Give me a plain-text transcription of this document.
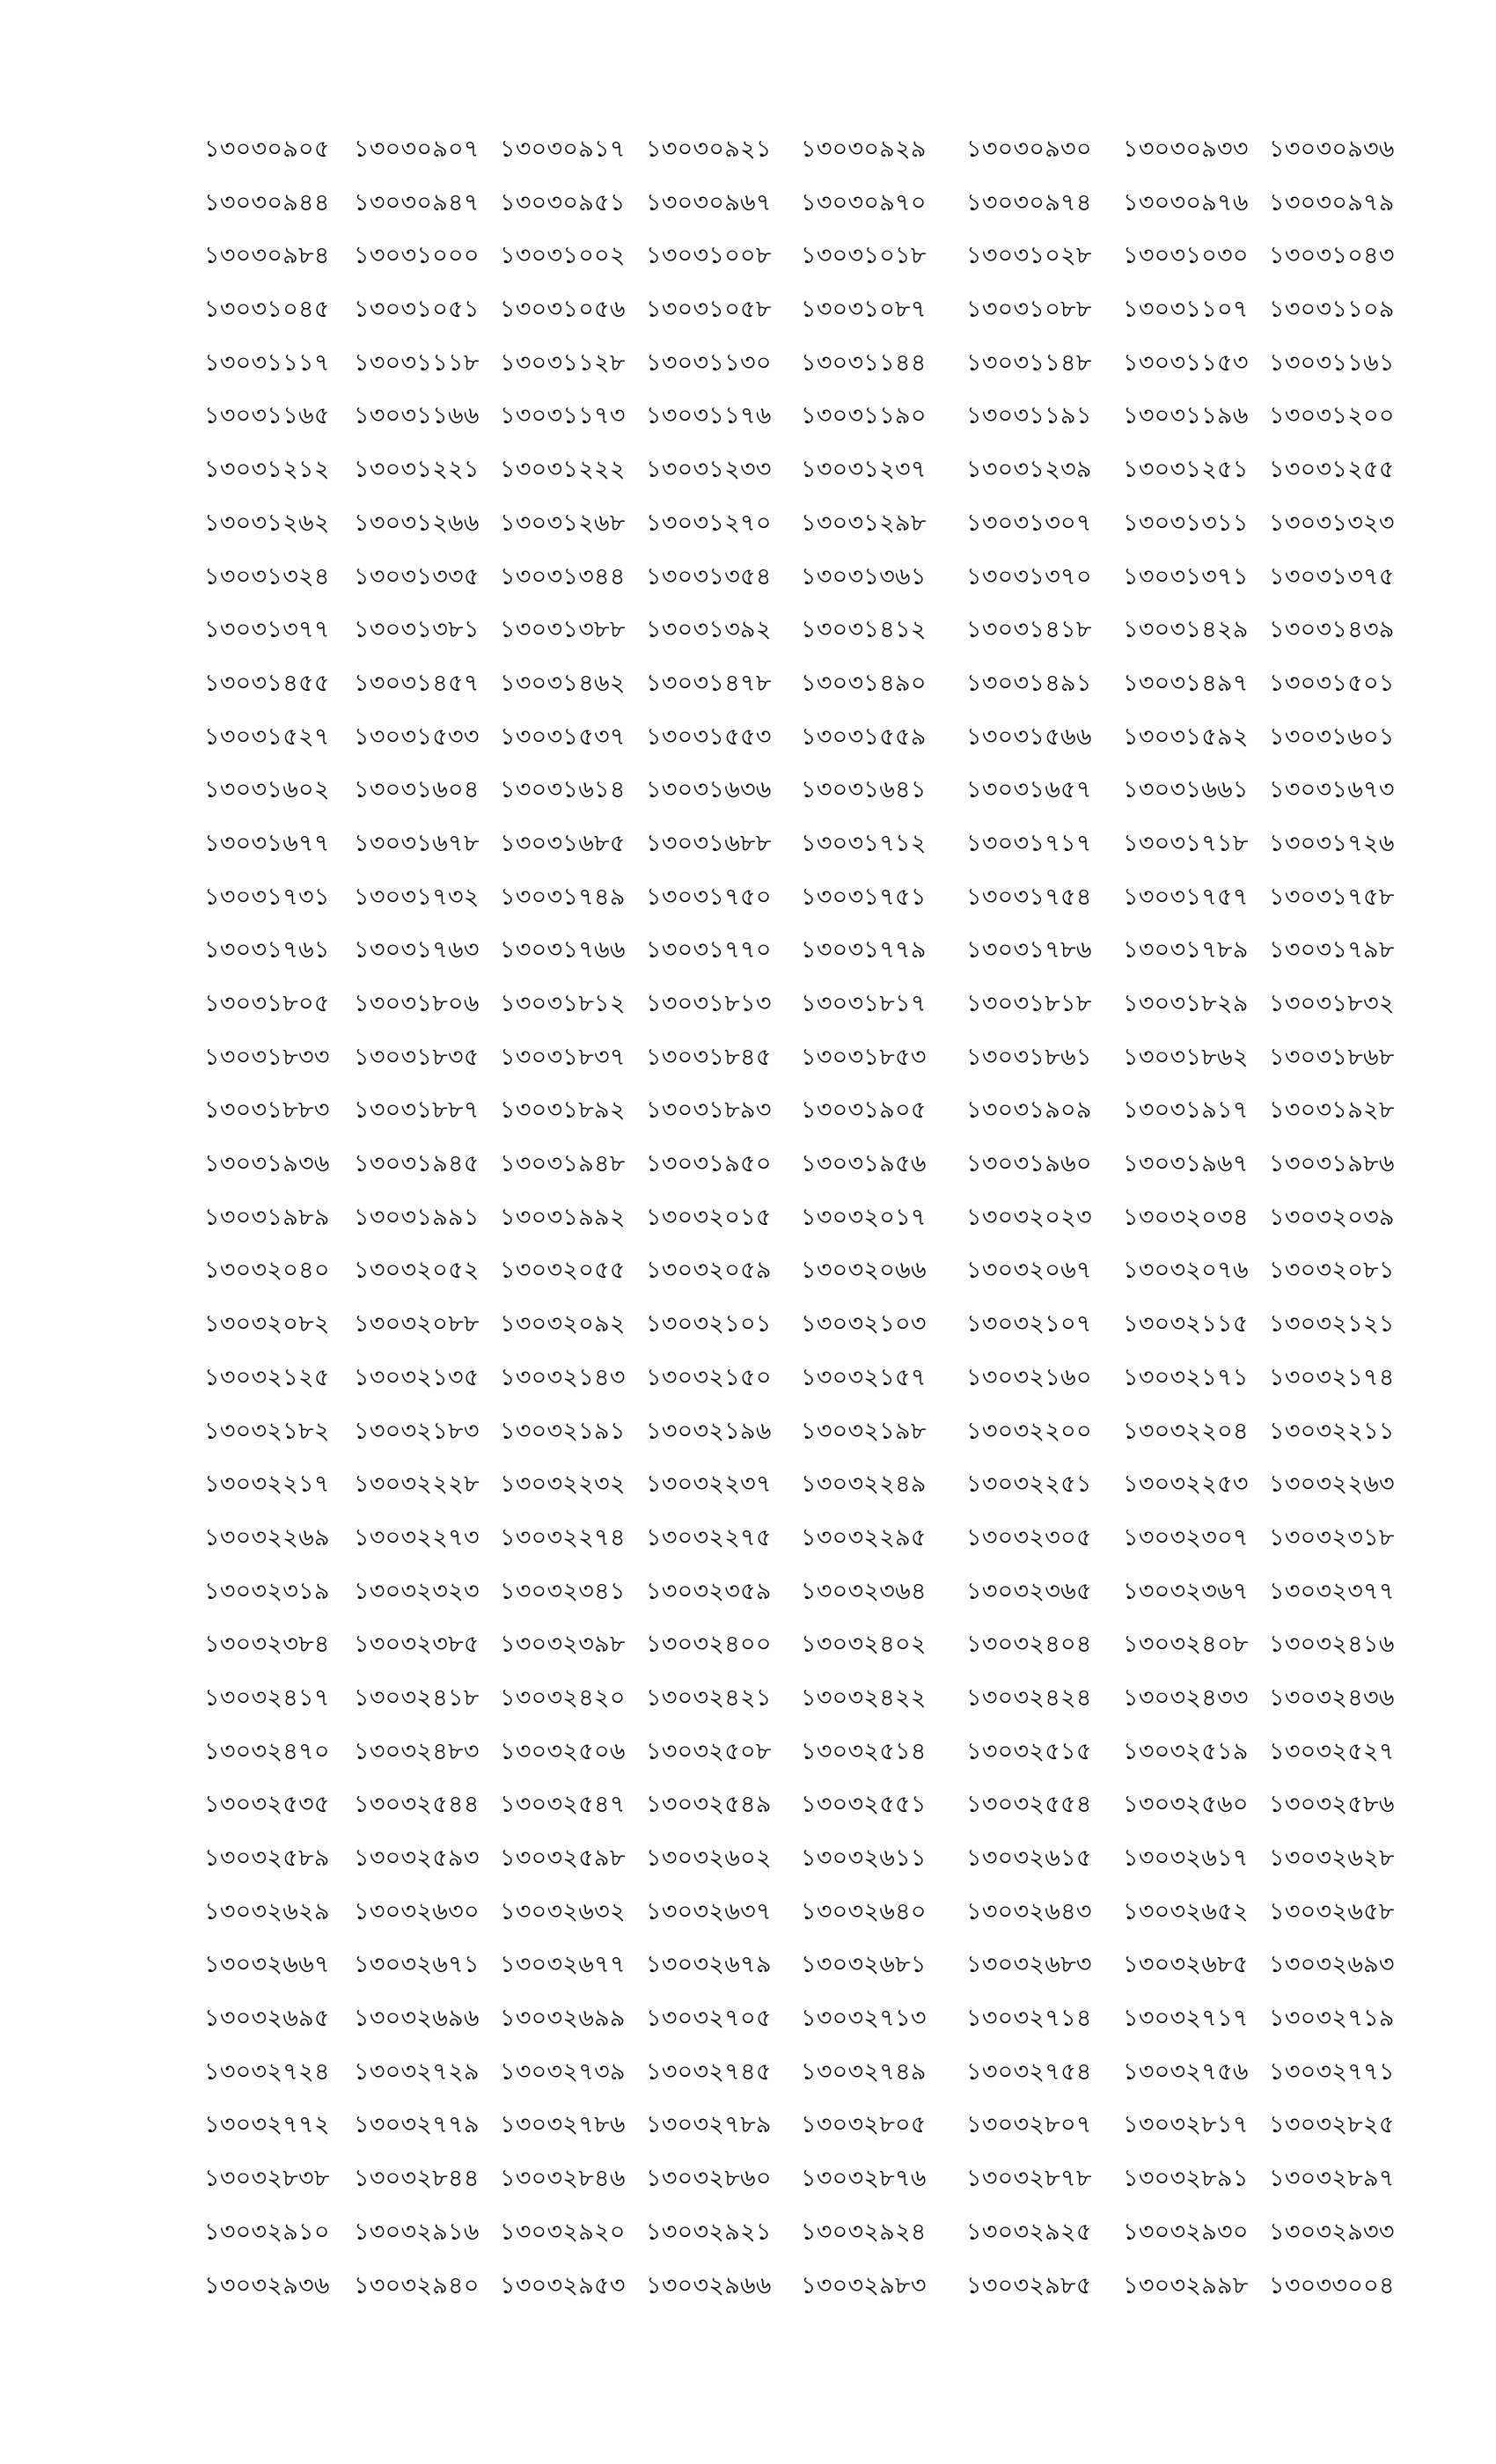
১৩০৩০৯০৫ ১৩০৩০৯০৭ ১৩০৩০৯১৭ ১৩০৩০৯২১ ১৩০৩০৯২৯ ১৩০৩০৯৩০ ১৩০৩০৯৩৩ ১৩০৩০৯৩৬
১৩০৩০৯৪৪ ১৩০৩০৯৪৭ ১৩০৩০৯৫১ ১৩০৩০৯৬৭ ১৩০৩০৯৭০ ১৩০৩০৯৭৪ ১৩০৩০৯৭৬ ১৩০৩০৯৭৯
১৩০৩০৯৮৪ ১৩০৩১০০০ ১৩০৩১০০২ ১৩০৩১০০৮ ১৩০৩১০১৮ ১৩০৩১০২৮ ১৩০৩১০৩০ ১৩০৩১০৪৩
১৩০৩১০৪৫ ১৩০৩১০৫১ ১৩০৩১০৫৬ ১৩০৩১০৫৮ ১৩০৩১০৮৭ ১৩০৩১০৮৮ ১৩০৩১১০৭ ১৩০৩১১০৯
১৩০৩১১১৭ ১৩০৩১১১৮ ১৩০৩১১২৮ ১৩০৩১১৩০ ১৩০৩১১৪৪ ১৩০৩১১৪৮ ১৩০৩১১৫৩ ১৩০৩১১৬১
১৩০৩১১৬৫ ১৩০৩১১৬৬ ১৩০৩১১৭৩ ১৩০৩১১৭৬ ১৩০৩১১৯০ ১৩০৩১১৯১ ১৩০৩১১৯৬ ১৩০৩১২০০
১৩০৩১২১২ ১৩০৩১২২১ ১৩০৩১২২২ ১৩০৩১২৩৩ ১৩০৩১২৩৭ ১৩০৩১২৩৯ ১৩০৩১২৫১ ১৩০৩১২৫৫
১৩০৩১২৬২ ১৩০৩১২৬৬ ১৩০৩১২৬৮ ১৩০৩১২৭০ ১৩০৩১২৯৮ ১৩০৩১৩০৭ ১৩০৩১৩১১ ১৩০৩১৩২৩
১৩০৩১৩২৪ ১৩০৩১৩৩৫ ১৩০৩১৩৪৪ ১৩০৩১৩৫৪ ১৩০৩১৩৬১ ১৩০৩১৩৭০ ১৩০৩১৩৭১ ১৩০৩১৩৭৫
১৩০৩১৩৭৭ ১৩০৩১৩৮১ ১৩০৩১৩৮৮ ১৩০৩১৩৯২ ১৩০৩১৪১২ ১৩০৩১৪১৮ ১৩০৩১৪২৯ ১৩০৩১৪৩৯
১৩০৩১৪৫৫ ১৩০৩১৪৫৭ ১৩০৩১৪৬২ ১৩০৩১৪৭৮ ১৩০৩১৪৯০ ১৩০৩১৪৯১ ১৩০৩১৪৯৭ ১৩০৩১৫০১
১৩০৩১৫২৭ ১৩০৩১৫৩৩ ১৩০৩১৫৩৭ ১৩০৩১৫৫৩ ১৩০৩১৫৫৯ ১৩০৩১৫৬৬ ১৩০৩১৫৯২ ১৩০৩১৬০১
১৩০৩১৬০২ ১৩০৩১৬০৪ ১৩০৩১৬১৪ ১৩০৩১৬৩৬ ১৩০৩১৬৪১ ১৩০৩১৬৫৭ ১৩০৩১৬৬১ ১৩০৩১৬৭৩
১৩০৩১৬৭৭ ১৩০৩১৬৭৮ ১৩০৩১৬৮৫ ১৩০৩১৬৮৮ ১৩০৩১৭১২ ১৩০৩১৭১৭ ১৩০৩১৭১৮ ১৩০৩১৭২৬
১৩০৩১৭৩১ ১৩০৩১৭৩২ ১৩০৩১৭৪৯ ১৩০৩১৭৫০ ১৩০৩১৭৫১ ১৩০৩১৭৫৪ ১৩০৩১৭৫৭ ১৩০৩১৭৫৮
১৩০৩১৭৬১ ১৩০৩১৭৬৩ ১৩০৩১৭৬৬ ১৩০৩১৭৭০ ১৩০৩১৭৭৯ ১৩০৩১৭৮৬ ১৩০৩১৭৮৯ ১৩০৩১৭৯৮
১৩০৩১৮০৫ ১৩০৩১৮০৬ ১৩০৩১৮১২ ১৩০৩১৮১৩ ১৩০৩১৮১৭ ১৩০৩১৮১৮ ১৩০৩১৮২৯ ১৩০৩১৮৩২
১৩০৩১৮৩৩ ১৩০৩১৮৩৫ ১৩০৩১৮৩৭ ১৩০৩১৮৪৫ ১৩০৩১৮৫৩ ১৩০৩১৮৬১ ১৩০৩১৮৬২ ১৩০৩১৮৬৮
১৩০৩১৮৮৩ ১৩০৩১৮৮৭ ১৩০৩১৮৯২ ১৩০৩১৮৯৩ ১৩০৩১৯০৫ ১৩০৩১৯০৯ ১৩০৩১৯১৭ ১৩০৩১৯২৮
১৩০৩১৯৩৬ ১৩০৩১৯৪৫ ১৩০৩১৯৪৮ ১৩০৩১৯৫০ ১৩০৩১৯৫৬ ১৩০৩১৯৬০ ১৩০৩১৯৬৭ ১৩০৩১৯৮৬
১৩০৩১৯৮৯ ১৩০৩১৯৯১ ১৩০৩১৯৯২ ১৩০৩২০১৫ ১৩০৩২০১৭ ১৩০৩২০২৩ ১৩০৩২০৩৪ ১৩০৩২০৩৯
১৩০৩২০৪০ ১৩০৩২০৫২ ১৩০৩২০৫৫ ১৩০৩২০৫৯ ১৩০৩২০৬৬ ১৩০৩২০৬৭ ১৩০৩২০৭৬ ১৩০৩২০৮১
১৩০৩২০৮২ ১৩০৩২০৮৮ ১৩০৩২০৯২ ১৩০৩২১০১ ১৩০৩২১০৩ ১৩০৩২১০৭ ১৩০৩২১১৫ ১৩০৩২১২১
১৩০৩২১২৫ ১৩০৩২১৩৫ ১৩০৩২১৪৩ ১৩০৩২১৫০ ১৩০৩২১৫৭ ১৩০৩২১৬০ ১৩০৩২১৭১ ১৩০৩২১৭৪
১৩০৩২১৮২ ১৩০৩২১৮৩ ১৩০৩২১৯১ ১৩০৩২১৯৬ ১৩০৩২১৯৮ ১৩০৩২২০০ ১৩০৩২২০৪ ১৩০৩২২১১
১৩০৩২২১৭ ১৩০৩২২২৮ ১৩০৩২২৩২ ১৩০৩২২৩৭ ১৩০৩২২৪৯ ১৩০৩২২৫১ ১৩০৩২২৫৩ ১৩০৩২২৬৩
১৩০৩২২৬৯ ১৩০৩২২৭৩ ১৩০৩২২৭৪ ১৩০৩২২৭৫ ১৩০৩২২৯৫ ১৩০৩২৩০৫ ১৩০৩২৩০৭ ১৩০৩২৩১৮
১৩০৩২৩১৯ ১৩০৩২৩২৩ ১৩০৩২৩৪১ ১৩০৩২৩৫৯ ১৩০৩২৩৬৪ ১৩০৩২৩৬৫ ১৩০৩২৩৬৭ ১৩০৩২৩৭৭
১৩০৩২৩৮৪ ১৩০৩২৩৮৫ ১৩০৩২৩৯৮ ১৩০৩২৪০০ ১৩০৩২৪০২ ১৩০৩২৪০৪ ১৩০৩২৪০৮ ১৩০৩২৪১৬
১৩০৩২৪১৭ ১৩০৩২৪১৮ ১৩০৩২৪২০ ১৩০৩২৪২১ ১৩০৩২৪২২ ১৩০৩২৪২৪ ১৩০৩২৪৩৩ ১৩০৩২৪৩৬
১৩০৩২৪৭০ ১৩০৩২৪৮৩ ১৩০৩২৫০৬ ১৩০৩২৫০৮ ১৩০৩২৫১৪ ১৩০৩২৫১৫ ১৩০৩২৫১৯ ১৩০৩২৫২৭
১৩০৩২৫৩৫ ১৩০৩২৫৪৪ ১৩০৩২৫৪৭ ১৩০৩২৫৪৯ ১৩০৩২৫৫১ ১৩০৩২৫৫৪ ১৩০৩২৫৬০ ১৩০৩২৫৮৬
১৩০৩২৫৮৯ ১৩০৩২৫৯৩ ১৩০৩২৫৯৮ ১৩০৩২৬০২ ১৩০৩২৬১১ ১৩০৩২৬১৫ ১৩০৩২৬১৭ ১৩০৩২৬২৮
১৩০৩২৬২৯ ১৩০৩২৬৩০ ১৩০৩২৬৩২ ১৩০৩২৬৩৭ ১৩০৩২৬৪০ ১৩০৩২৬৪৩ ১৩০৩২৬৫২ ১৩০৩২৬৫৮
১৩০৩২৬৬৭ ১৩০৩২৬৭১ ১৩০৩২৬৭৭ ১৩০৩২৬৭৯ ১৩০৩২৬৮১ ১৩০৩২৬৮৩ ১৩০৩২৬৮৫ ১৩০৩২৬৯৩
১৩০৩২৬৯৫ ১৩০৩২৬৯৬ ১৩০৩২৬৯৯ ১৩০৩২৭০৫ ১৩০৩২৭১৩ ১৩০৩২৭১৪ ১৩০৩২৭১৭ ১৩০৩২৭১৯
১৩০৩২৭২৪ ১৩০৩২৭২৯ ১৩০৩২৭৩৯ ১৩০৩২৭৪৫ ১৩০৩২৭৪৯ ১৩০৩২৭৫৪ ১৩০৩২৭৫৬ ১৩০৩২৭৭১
১৩০৩২৭৭২ ১৩০৩২৭৭৯ ১৩০৩২৭৮৬ ১৩০৩২৭৮৯ ১৩০৩২৮০৫ ১৩০৩২৮০৭ ১৩০৩২৮১৭ ১৩০৩২৮২৫
১৩০৩২৮৩৮ ১৩০৩২৮৪৪ ১৩০৩২৮৪৬ ১৩০৩২৮৬০ ১৩০৩২৮৭৬ ১৩০৩২৮৭৮ ১৩০৩২৮৯১ ১৩০৩২৮৯৭
১৩০৩২৯১০ ১৩০৩২৯১৬ ১৩০৩২৯২০ ১৩০৩২৯২১ ১৩০৩২৯২৪ ১৩০৩২৯২৫ ১৩০৩২৯৩০ ১৩০৩২৯৩৩
১৩০৩২৯৩৬ ১৩০৩২৯৪০ ১৩০৩২৯৫৩ ১৩০৩২৯৬৬ ১৩০৩২৯৮৩ ১৩০৩২৯৮৫ ১৩০৩২৯৯৮ ১৩০৩৩০০৪
